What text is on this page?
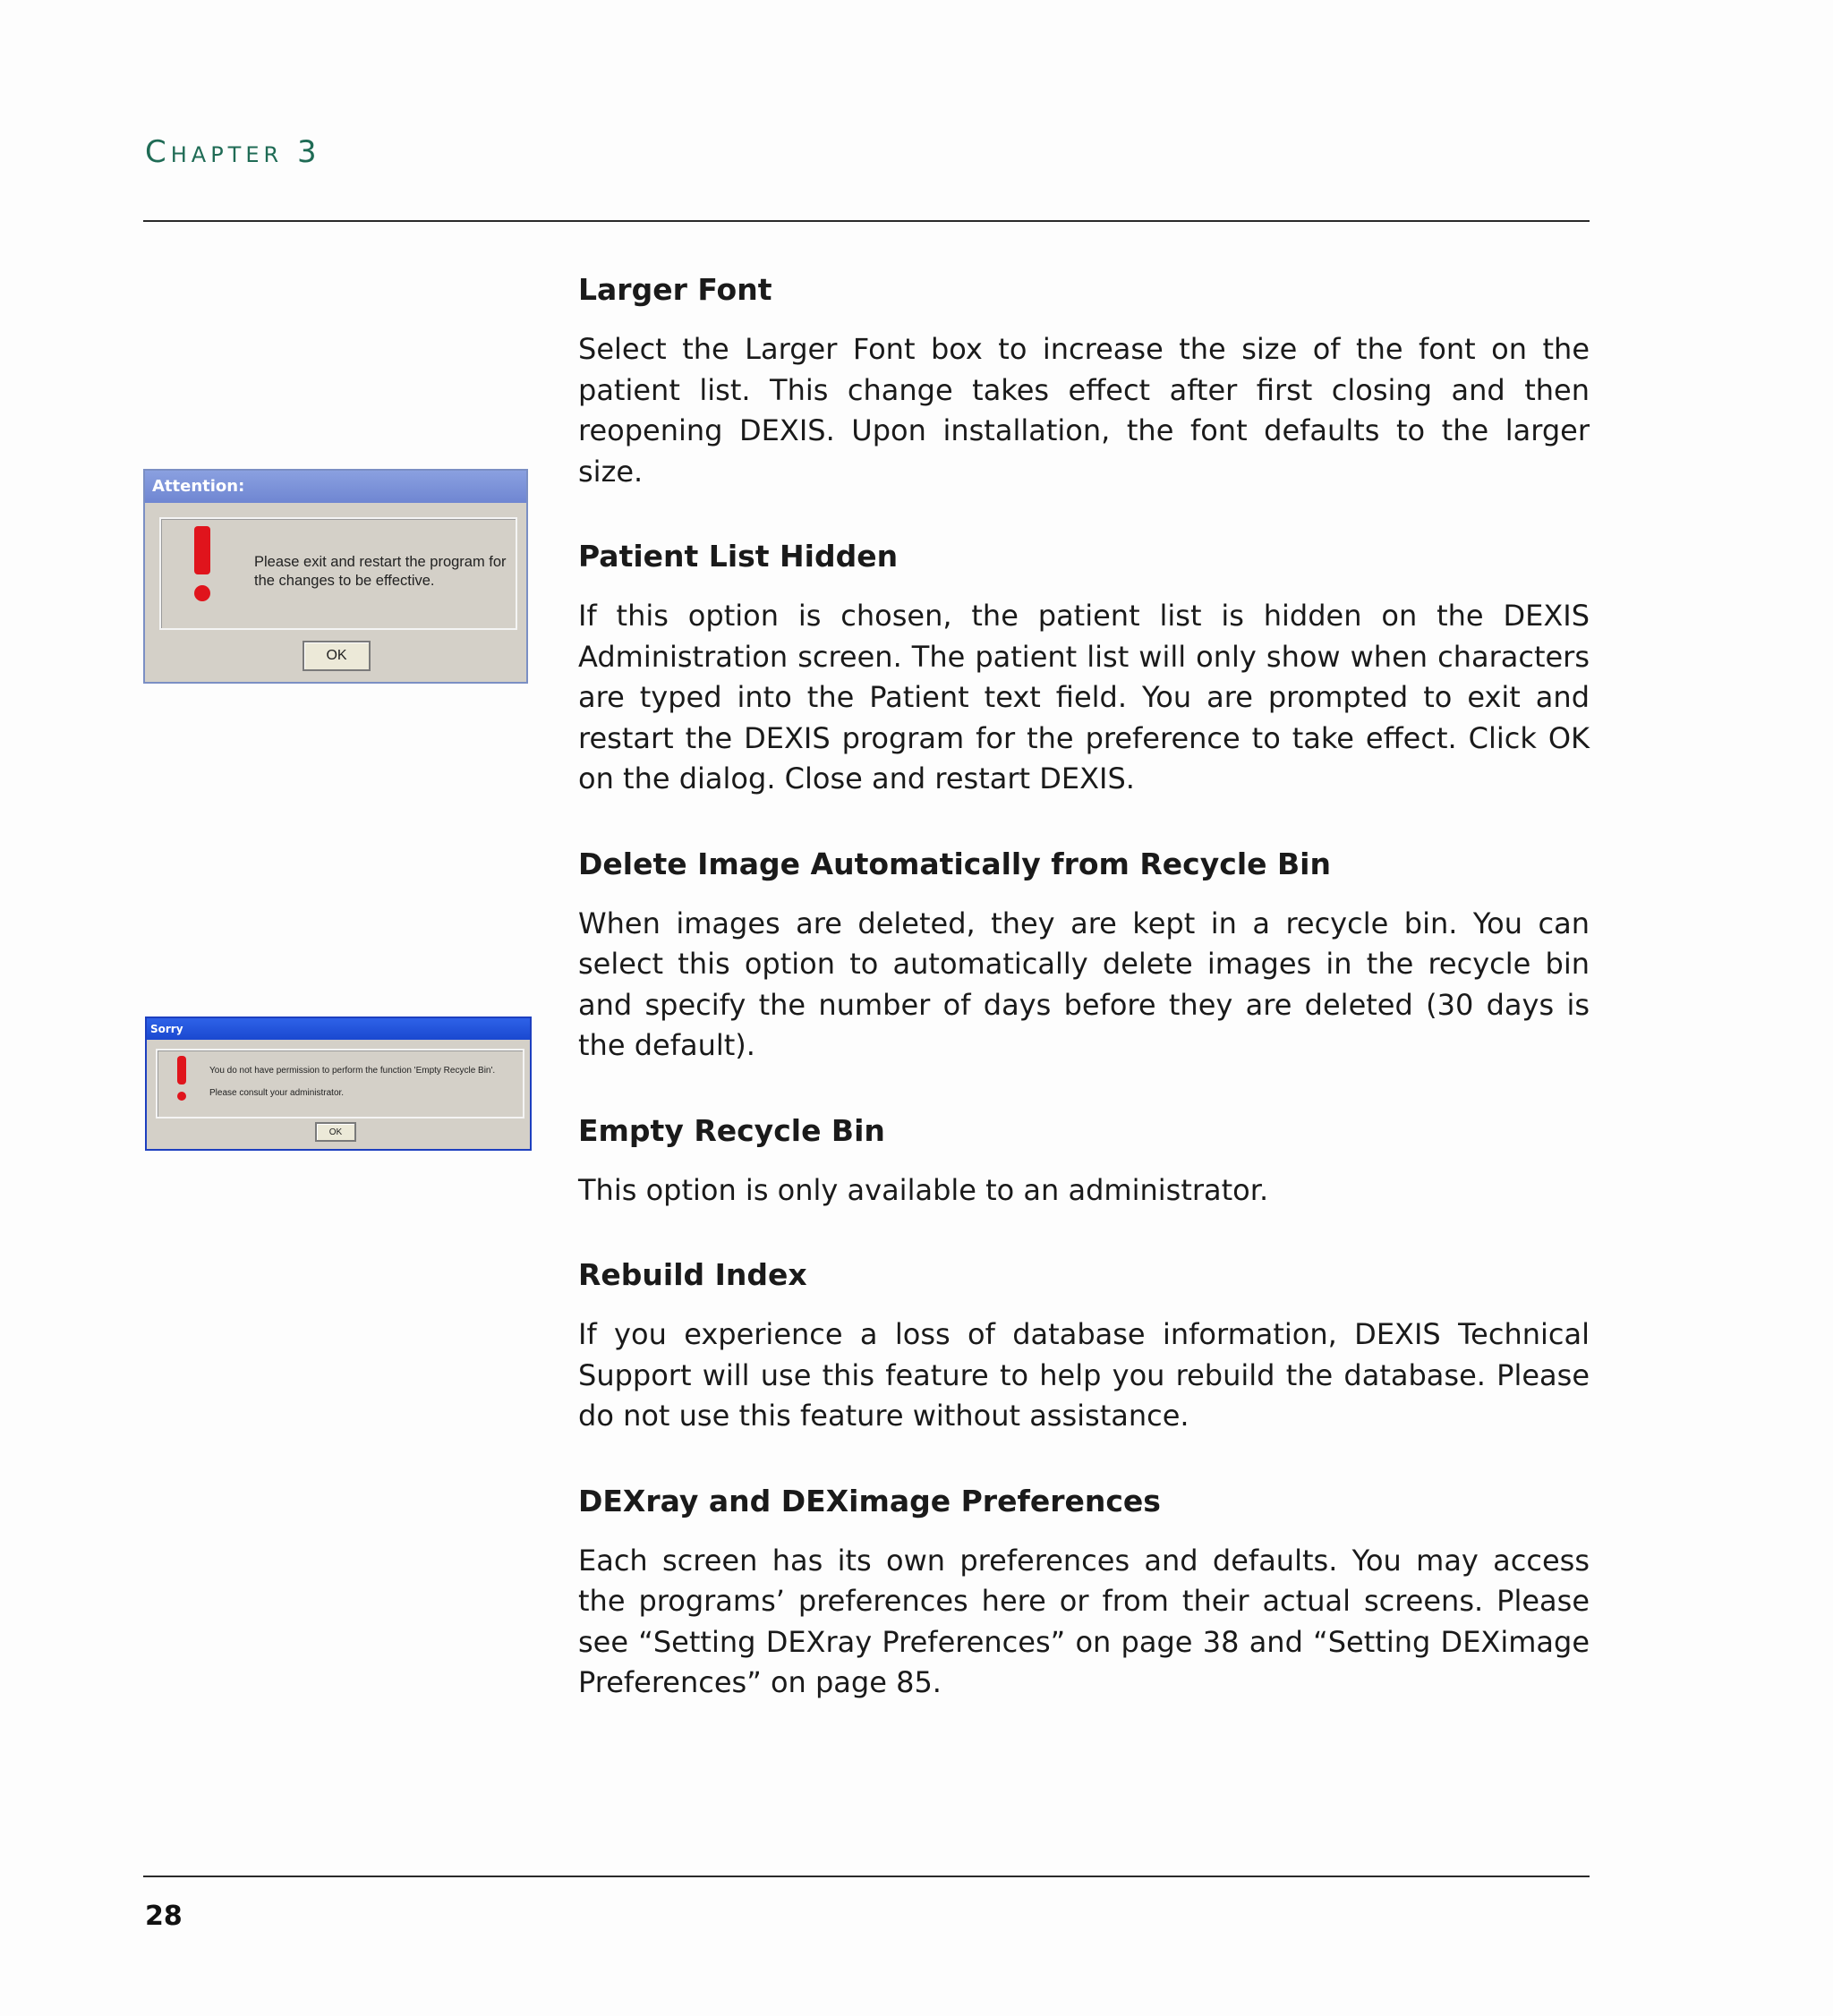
Chapter 3
Attention:
Please exit and restart the program for the changes to be effective.
OK
Sorry
You do not have permission to perform the function 'Empty Recycle Bin'.
Please consult your administrator.
OK
Larger Font

Select the Larger Font box to increase the size of the font on the patient list. This change takes effect after first closing and then reopening DEXIS. Upon installation, the font defaults to the larger size.

Patient List Hidden

If this option is chosen, the patient list is hidden on the DEXIS Administration screen. The patient list will only show when characters are typed into the Patient text field. You are prompted to exit and restart the DEXIS program for the preference to take effect. Click OK on the dialog. Close and restart DEXIS.

Delete Image Automatically from Recycle Bin

When images are deleted, they are kept in a recycle bin. You can select this option to automatically delete images in the recycle bin and specify the number of days before they are deleted (30 days is the default).

Empty Recycle Bin

This option is only available to an administrator.

Rebuild Index

If you experience a loss of database information, DEXIS Technical Support will use this feature to help you rebuild the database. Please do not use this feature without assistance.

DEXray and DEXimage Preferences

Each screen has its own preferences and defaults. You may access the programs’ preferences here or from their actual screens. Please see “Setting DEXray Preferences” on page 38 and “Setting DEXimage Preferences” on page 85.

28
